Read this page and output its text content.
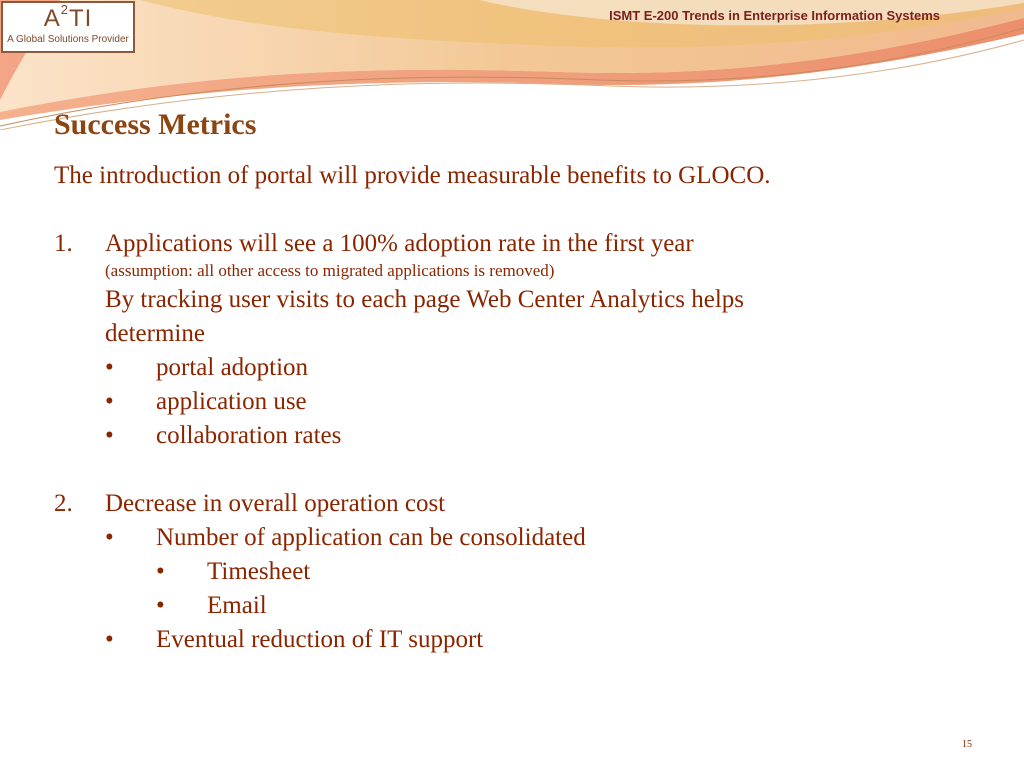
$A^2TI$
A Global Solutions Provider
ISMT E-200 Trends in Enterprise Information Systems
Success Metrics

The introduction of portal will provide measurable benefits to GLOCO.

1. Applications will see a 100% adoption rate in the first year
(assumption: all other access to migrated applications is removed)
By tracking user visits to each page Web Center Analytics helps
determine
• portal adoption
• application use
• collaboration rates
2. Decrease in overall operation cost
• Number of application can be consolidated
• Timesheet
• Email
• Eventual reduction of IT support
15
